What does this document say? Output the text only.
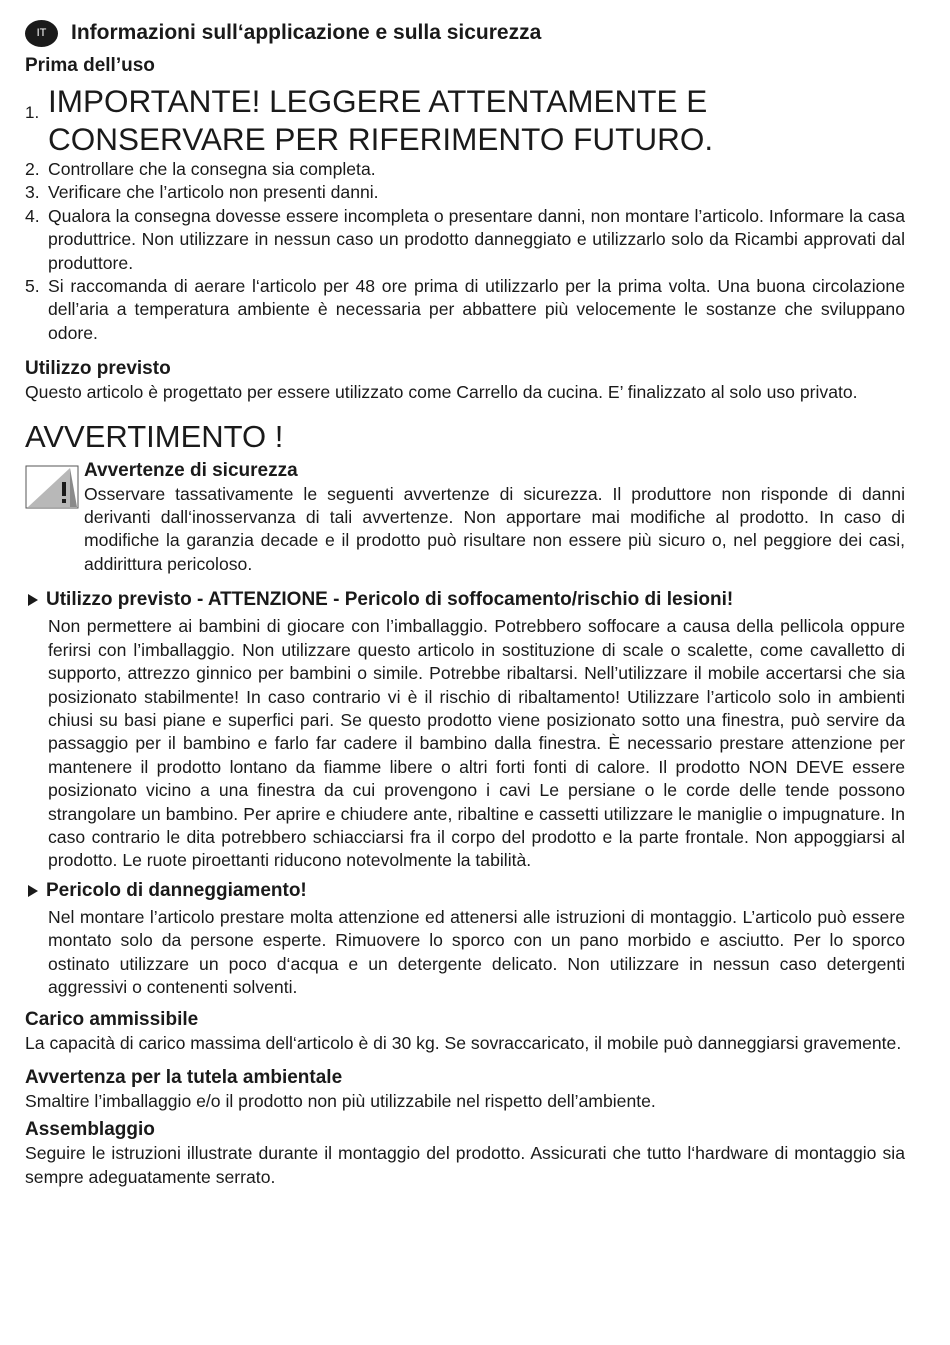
IT	Informazioni sull‘applicazione e sulla sicurezza
Prima dell’uso
1. IMPORTANTE! LEGGERE ATTENTAMENTE E CONSERVARE PER RIFERIMENTO FUTURO.
2. Controllare che la consegna sia completa.
3. Verificare che l’articolo non presenti danni.
4. Qualora la consegna dovesse essere incompleta o presentare danni, non montare l’articolo. Informare la casa produttrice. Non utilizzare in nessun caso un prodotto danneggiato e utilizzarlo solo da Ricambi approvati dal produttore.
5. Si raccomanda di aerare l‘articolo per 48 ore prima di utilizzarlo per la prima volta. Una buona circolazione dell’aria a temperatura ambiente è necessaria per abbattere più velocemente le sostanze che sviluppano odore.
Utilizzo previsto

Questo articolo è progettato per essere utilizzato come Carrello da cucina. E’ finalizzato al solo uso privato.

AVVERTIMENTO !
Avvertenze di sicurezza

Osservare tassativamente le seguenti avvertenze di sicurezza. Il produttore non risponde di danni derivanti dall‘inosservanza di tali avvertenze. Non apportare mai modifiche al prodotto. In caso di modifiche la garanzia decade e il prodotto può risultare non essere più sicuro o, nel peggiore dei casi, addirittura pericoloso.

Utilizzo previsto - ATTENZIONE - Pericolo di soffocamento/rischio di lesioni!

Non permettere ai bambini di giocare con l’imballaggio. Potrebbero soffocare a causa della pellicola oppure ferirsi con l’imballaggio. Non utilizzare questo articolo in sostituzione di scale o scalette, come cavalletto di supporto, attrezzo ginnico per bambini o simile. Potrebbe ribaltarsi. Nell’utilizzare il mobile accertarsi che sia posizionato stabilmente! In caso contrario vi è il rischio di ribaltamento! Utilizzare l’articolo solo in ambienti chiusi su basi piane e superfici pari. Se questo prodotto viene posizionato sotto una finestra, può servire da passaggio per il bambino e farlo far cadere il bambino dalla finestra. È necessario prestare attenzione per mantenere il prodotto lontano da fiamme libere o altri forti fonti di calore. Il prodotto NON DEVE essere posizionato vicino a una finestra da cui provengono i cavi Le persiane o le corde delle tende possono strangolare un bambino. Per aprire e chiudere ante, ribaltine e cassetti utilizzare le maniglie o impugnature. In caso contrario le dita potrebbero schiacciarsi fra il corpo del prodotto e la parte frontale. Non appoggiarsi al prodotto. Le ruote piroettanti riducono notevolmente la tabilità.

Pericolo di danneggiamento!

Nel montare l’articolo prestare molta attenzione ed attenersi alle istruzioni di montaggio. L’articolo può essere montato solo da persone esperte. Rimuovere lo sporco con un pano morbido e asciutto. Per lo sporco ostinato utilizzare un poco d‘acqua e un detergente delicato. Non utilizzare in nessun caso detergenti aggressivi o contenenti solventi.

Carico ammissibile

La capacità di carico massima dell‘articolo è di 30 kg. Se sovraccaricato, il mobile può danneggiarsi gravemente.

Avvertenza per la tutela ambientale

Smaltire l’imballaggio e/o il prodotto non più utilizzabile nel rispetto dell’ambiente.

Assemblaggio

Seguire le istruzioni illustrate durante il montaggio del prodotto. Assicurati che tutto l‘hardware di montaggio sia sempre adeguatamente serrato.
